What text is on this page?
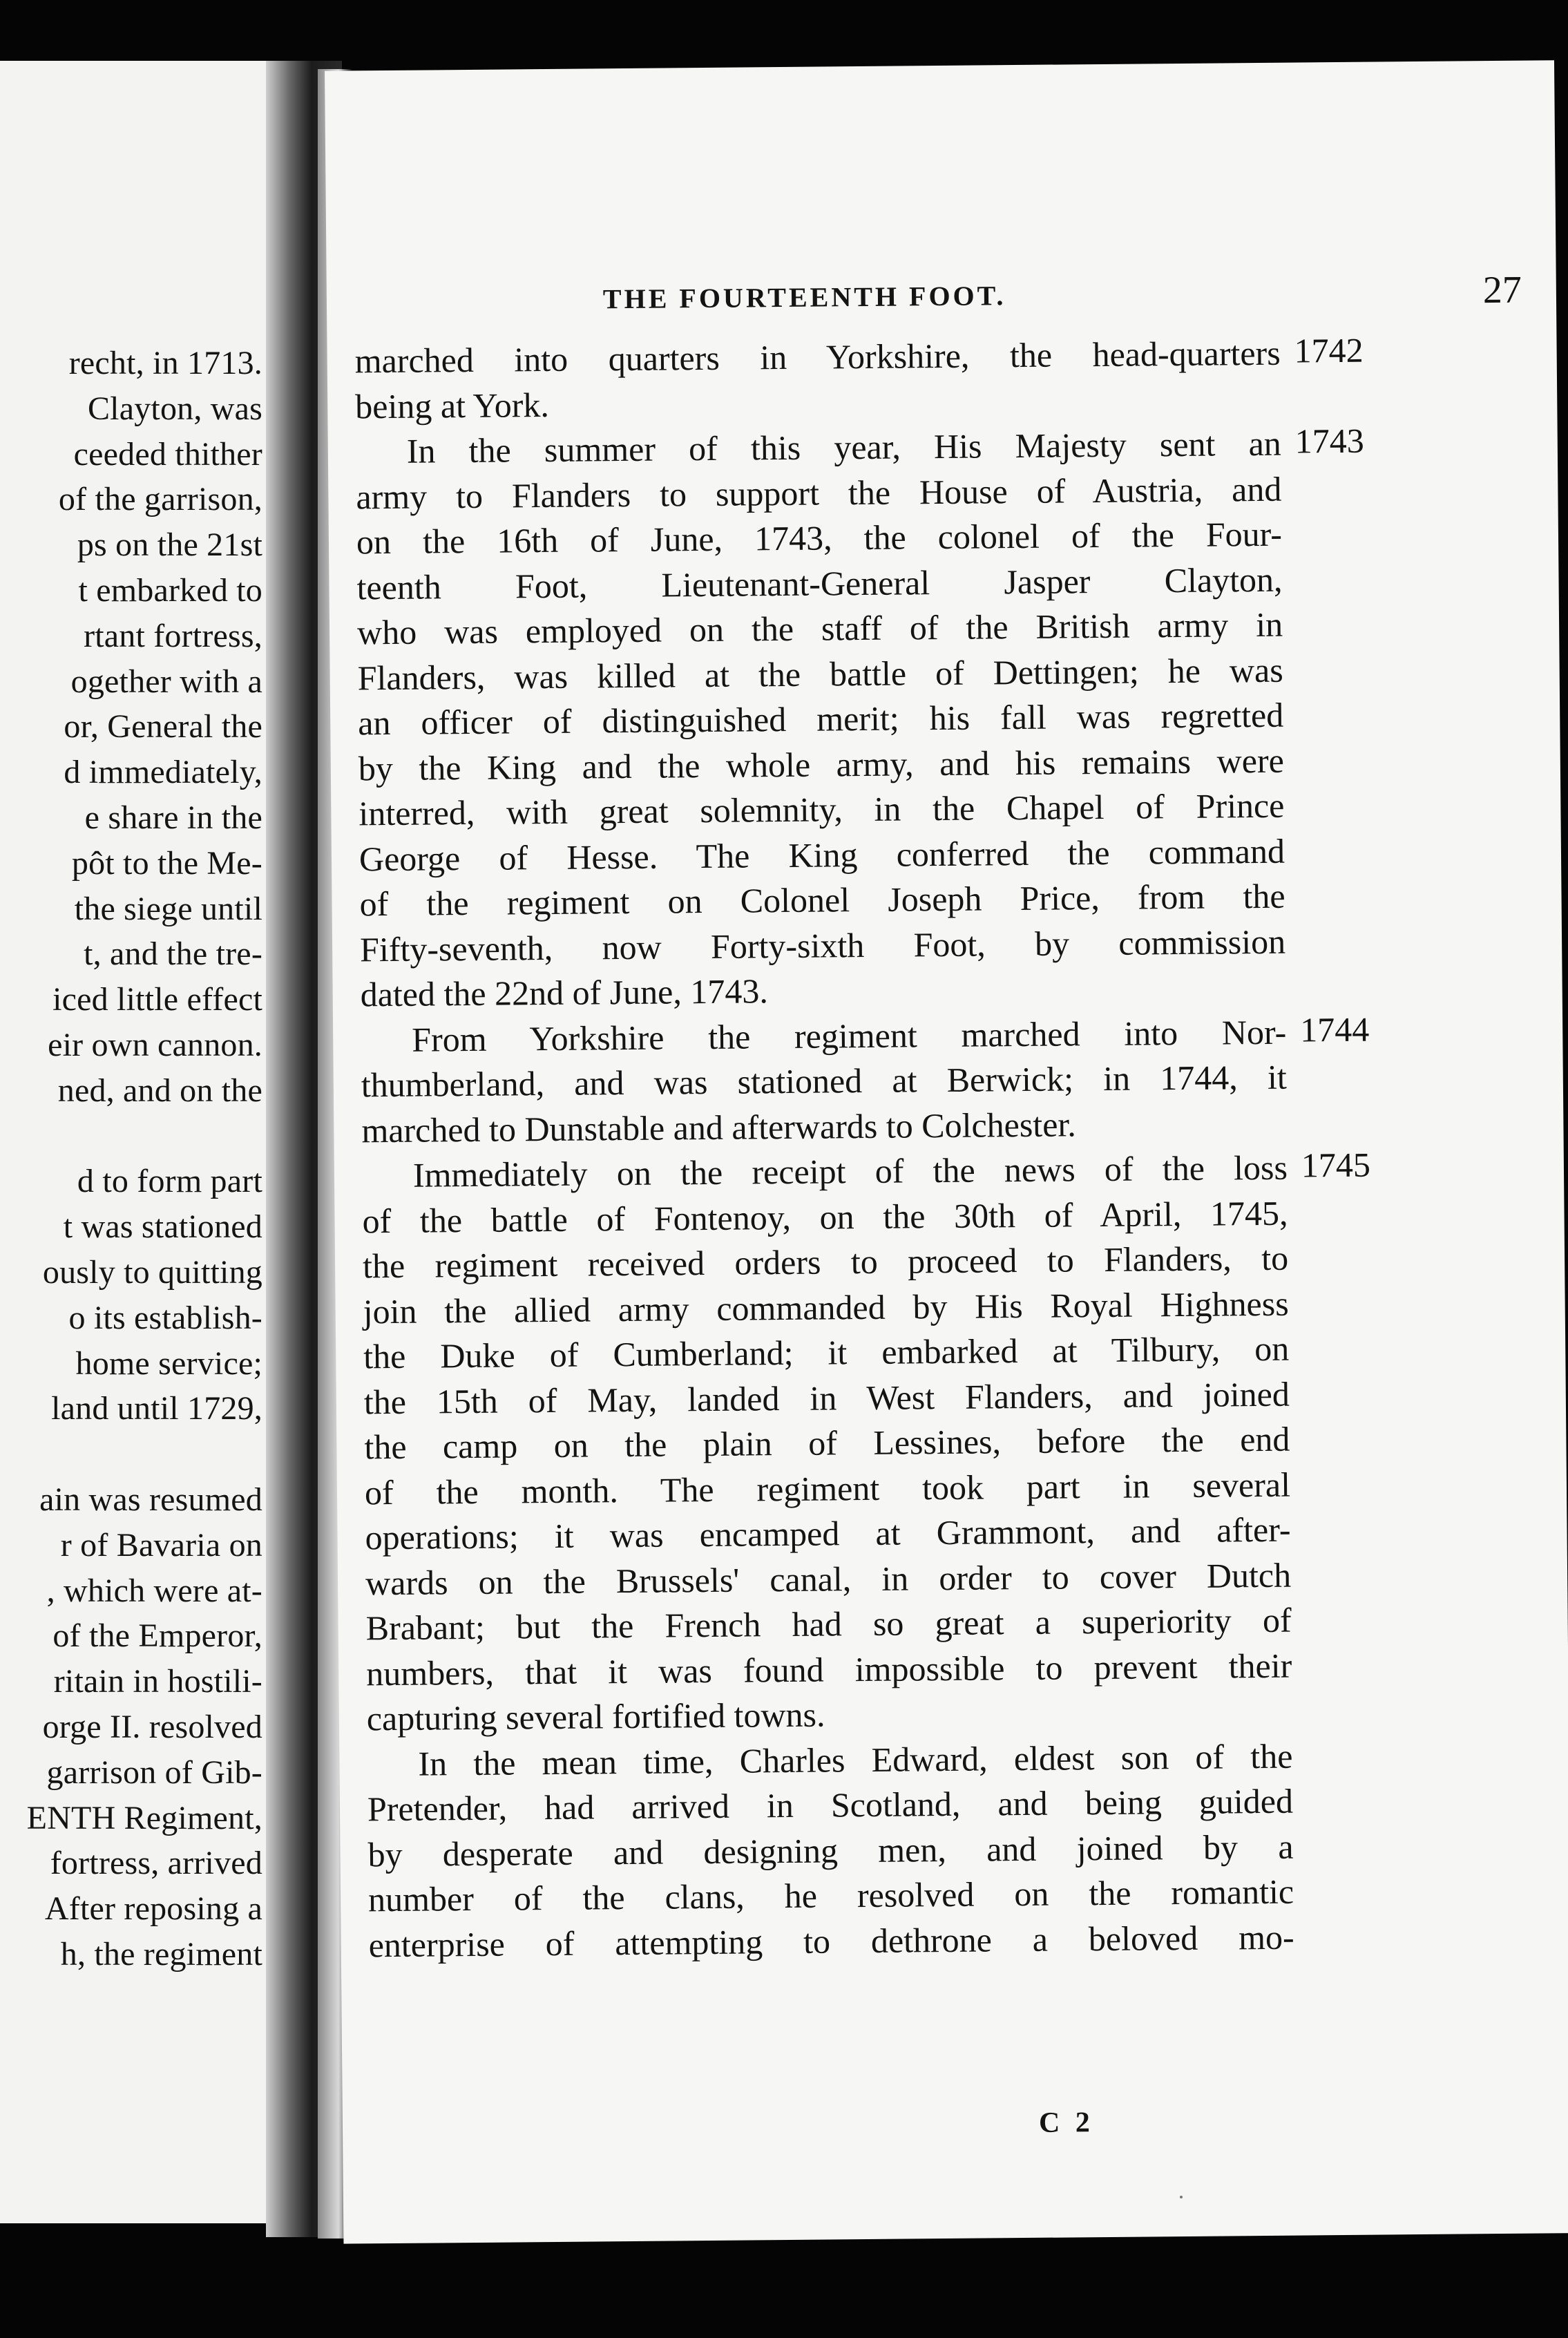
recht, in 1713.
Clayton, was
ceeded thither
of the garrison,
ps on the 21st
t embarked to
rtant fortress,
ogether with a
or, General the
d immediately,
e share in the
pôt to the Me-
the siege until
t, and the tre-
iced little effect
eir own cannon.
ned, and on the
d to form part
t was stationed
ously to quitting
o its establish-
home service;
land until 1729,
ain was resumed
r of Bavaria on
, which were at-
of the Emperor,
ritain in hostili-
orge II. resolved
garrison of Gib-
ENTH Regiment,
fortress, arrived
After reposing a
h, the regiment
THE FOURTEENTH FOOT.	27
marched into quarters in Yorkshire, the head-quarters
being at York.
In the summer of this year, His Majesty sent an
army to Flanders to support the House of Austria, and
on the 16th of June, 1743, the colonel of the Four-
teenth Foot, Lieutenant-General Jasper Clayton,
who was employed on the staff of the British army in
Flanders, was killed at the battle of Dettingen; he was
an officer of distinguished merit; his fall was regretted
by the King and the whole army, and his remains were
interred, with great solemnity, in the Chapel of Prince
George of Hesse. The King conferred the command
of the regiment on Colonel Joseph Price, from the
Fifty-seventh, now Forty-sixth Foot, by commission
dated the 22nd of June, 1743.
From Yorkshire the regiment marched into Nor-
thumberland, and was stationed at Berwick; in 1744, it
marched to Dunstable and afterwards to Colchester.
Immediately on the receipt of the news of the loss
of the battle of Fontenoy, on the 30th of April, 1745,
the regiment received orders to proceed to Flanders, to
join the allied army commanded by His Royal Highness
the Duke of Cumberland; it embarked at Tilbury, on
the 15th of May, landed in West Flanders, and joined
the camp on the plain of Lessines, before the end
of the month. The regiment took part in several
operations; it was encamped at Grammont, and after-
wards on the Brussels' canal, in order to cover Dutch
Brabant; but the French had so great a superiority of
numbers, that it was found impossible to prevent their
capturing several fortified towns.
In the mean time, Charles Edward, eldest son of the
Pretender, had arrived in Scotland, and being guided
by desperate and designing men, and joined by a
number of the clans, he resolved on the romantic
enterprise of attempting to dethrone a beloved mo-
1742
1743
1744
1745
C 2
